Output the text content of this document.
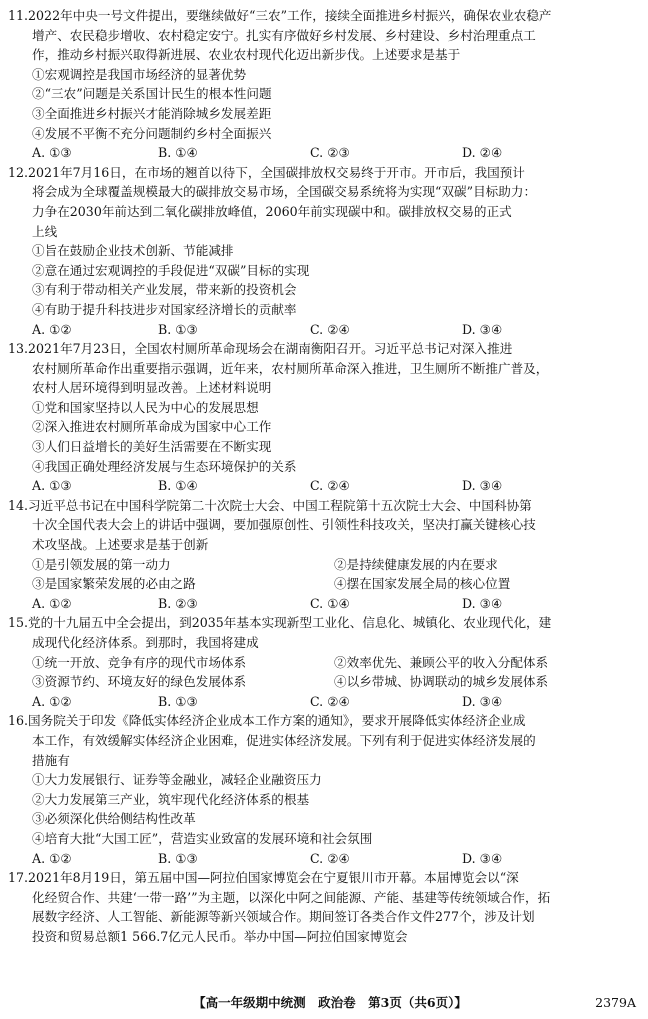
11.2022年中央一号文件提出，要继续做好“三农”工作，接续全面推进乡村振兴，确保农业农稳产
增产、农民稳步增收、农村稳定安宁。扎实有序做好乡村发展、乡村建设、乡村治理重点工
作，推动乡村振兴取得新进展、农业农村现代化迈出新步伐。上述要求是基于
①宏观调控是我国市场经济的显著优势
②“三农”问题是关系国计民生的根本性问题
③全面推进乡村振兴才能消除城乡发展差距
④发展不平衡不充分问题制约乡村全面振兴
A. ①③	B. ①④	C. ②③	D. ②④
12.2021年7月16日，在市场的翘首以待下，全国碳排放权交易终于开市。开市后，我国预计
将会成为全球覆盖规模最大的碳排放交易市场，全国碳交易系统将为实现“双碳”目标助力：
力争在2030年前达到二氧化碳排放峰值，2060年前实现碳中和。碳排放权交易的正式
上线
①旨在鼓励企业技术创新、节能减排
②意在通过宏观调控的手段促进“双碳”目标的实现
③有利于带动相关产业发展，带来新的投资机会
④有助于提升科技进步对国家经济增长的贡献率
A. ①②	B. ①③	C. ②④	D. ③④
13.2021年7月23日，全国农村厕所革命现场会在湖南衡阳召开。习近平总书记对深入推进
农村厕所革命作出重要指示强调，近年来，农村厕所革命深入推进，卫生厕所不断推广普及，
农村人居环境得到明显改善。上述材料说明
①党和国家坚持以人民为中心的发展思想
②深入推进农村厕所革命成为国家中心工作
③人们日益增长的美好生活需要在不断实现
④我国正确处理经济发展与生态环境保护的关系
A. ①③	B. ①④	C. ②④	D. ③④
14.习近平总书记在中国科学院第二十次院士大会、中国工程院第十五次院士大会、中国科协第
十次全国代表大会上的讲话中强调，要加强原创性、引领性科技攻关，坚决打赢关键核心技
术攻坚战。上述要求是基于创新
①是引领发展的第一动力	②是持续健康发展的内在要求
③是国家繁荣发展的必由之路	④摆在国家发展全局的核心位置
A. ①②	B. ②③	C. ①④	D. ③④
15.党的十九届五中全会提出，到2035年基本实现新型工业化、信息化、城镇化、农业现代化，建
成现代化经济体系。到那时，我国将建成
①统一开放、竞争有序的现代市场体系	②效率优先、兼顾公平的收入分配体系
③资源节约、环境友好的绿色发展体系	④以乡带城、协调联动的城乡发展体系
A. ①②	B. ①③	C. ②④	D. ③④
16.国务院关于印发《降低实体经济企业成本工作方案的通知》，要求开展降低实体经济企业成
本工作，有效缓解实体经济企业困难，促进实体经济发展。下列有利于促进实体经济发展的
措施有
①大力发展银行、证券等金融业，减轻企业融资压力
②大力发展第三产业，筑牢现代化经济体系的根基
③必须深化供给侧结构性改革
④培育大批“大国工匠”，营造实业致富的发展环境和社会氛围
A. ①②	B. ①③	C. ②④	D. ③④
17.2021年8月19日，第五届中国—阿拉伯国家博览会在宁夏银川市开幕。本届博览会以“深
化经贸合作、共建‘一带一路’”为主题，以深化中阿之间能源、产能、基建等传统领域合作，拓
展数字经济、人工智能、新能源等新兴领域合作。期间签订各类合作文件277个，涉及计划
投资和贸易总额1 566.7亿元人民币。举办中国—阿拉伯国家博览会
【高一年级期中统测　政治卷　第3页（共6页）】	2379A
